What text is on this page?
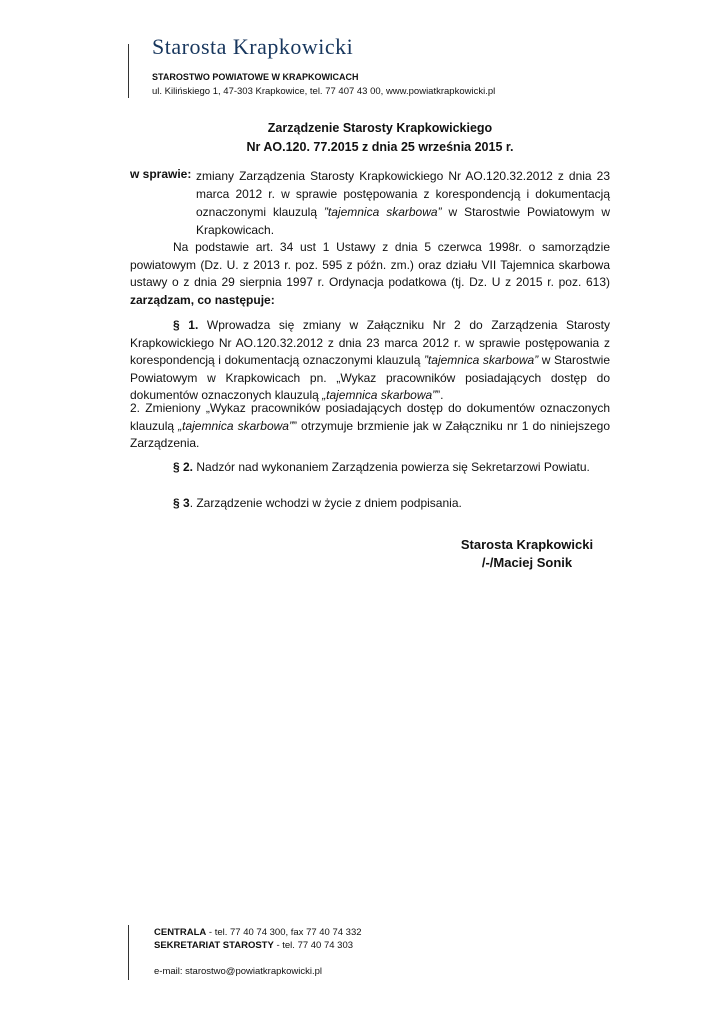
Starosta Krapkowicki
STAROSTWO POWIATOWE W KRAPKOWICACH
ul. Kilińskiego 1, 47-303 Krapkowice, tel. 77 407 43 00, www.powiatkrapkowicki.pl
Zarządzenie Starosty Krapkowickiego
Nr AO.120. 77.2015 z dnia 25 września 2015 r.
w sprawie: zmiany Zarządzenia Starosty Krapkowickiego Nr AO.120.32.2012 z dnia 23 marca 2012 r. w sprawie postępowania z korespondencją i dokumentacją oznaczonymi klauzulą ”tajemnica skarbowa” w Starostwie Powiatowym w Krapkowicach.
Na podstawie art. 34 ust 1 Ustawy z dnia 5 czerwca 1998r. o samorządzie powiatowym (Dz. U. z 2013 r. poz. 595 z późn. zm.) oraz działu VII Tajemnica skarbowa ustawy o z dnia 29 sierpnia 1997 r. Ordynacja podatkowa (tj. Dz. U z 2015 r. poz. 613) zarządzam, co następuje:
§ 1. Wprowadza się zmiany w Załączniku Nr 2 do Zarządzenia Starosty Krapkowickiego Nr AO.120.32.2012 z dnia 23 marca 2012 r. w sprawie postępowania z korespondencją i dokumentacją oznaczonymi klauzulą ”tajemnica skarbowa” w Starostwie Powiatowym w Krapkowicach pn. „Wykaz pracowników posiadających dostęp do dokumentów oznaczonych klauzulą „tajemnica skarbowa””.
2. Zmieniony „Wykaz pracowników posiadających dostęp do dokumentów oznaczonych klauzulą „tajemnica skarbowa”” otrzymuje brzmienie jak w Załączniku nr 1 do niniejszego Zarządzenia.
§ 2. Nadzór nad wykonaniem Zarządzenia powierza się Sekretarzowi Powiatu.
§ 3. Zarządzenie wchodzi w życie z dniem podpisania.
Starosta Krapkowicki
/-/Maciej Sonik
CENTRALA - tel. 77 40 74 300, fax 77 40 74 332
SEKRETARIAT STAROSTY - tel. 77 40 74 303
e-mail: starostwo@powiatkrapkowicki.pl
